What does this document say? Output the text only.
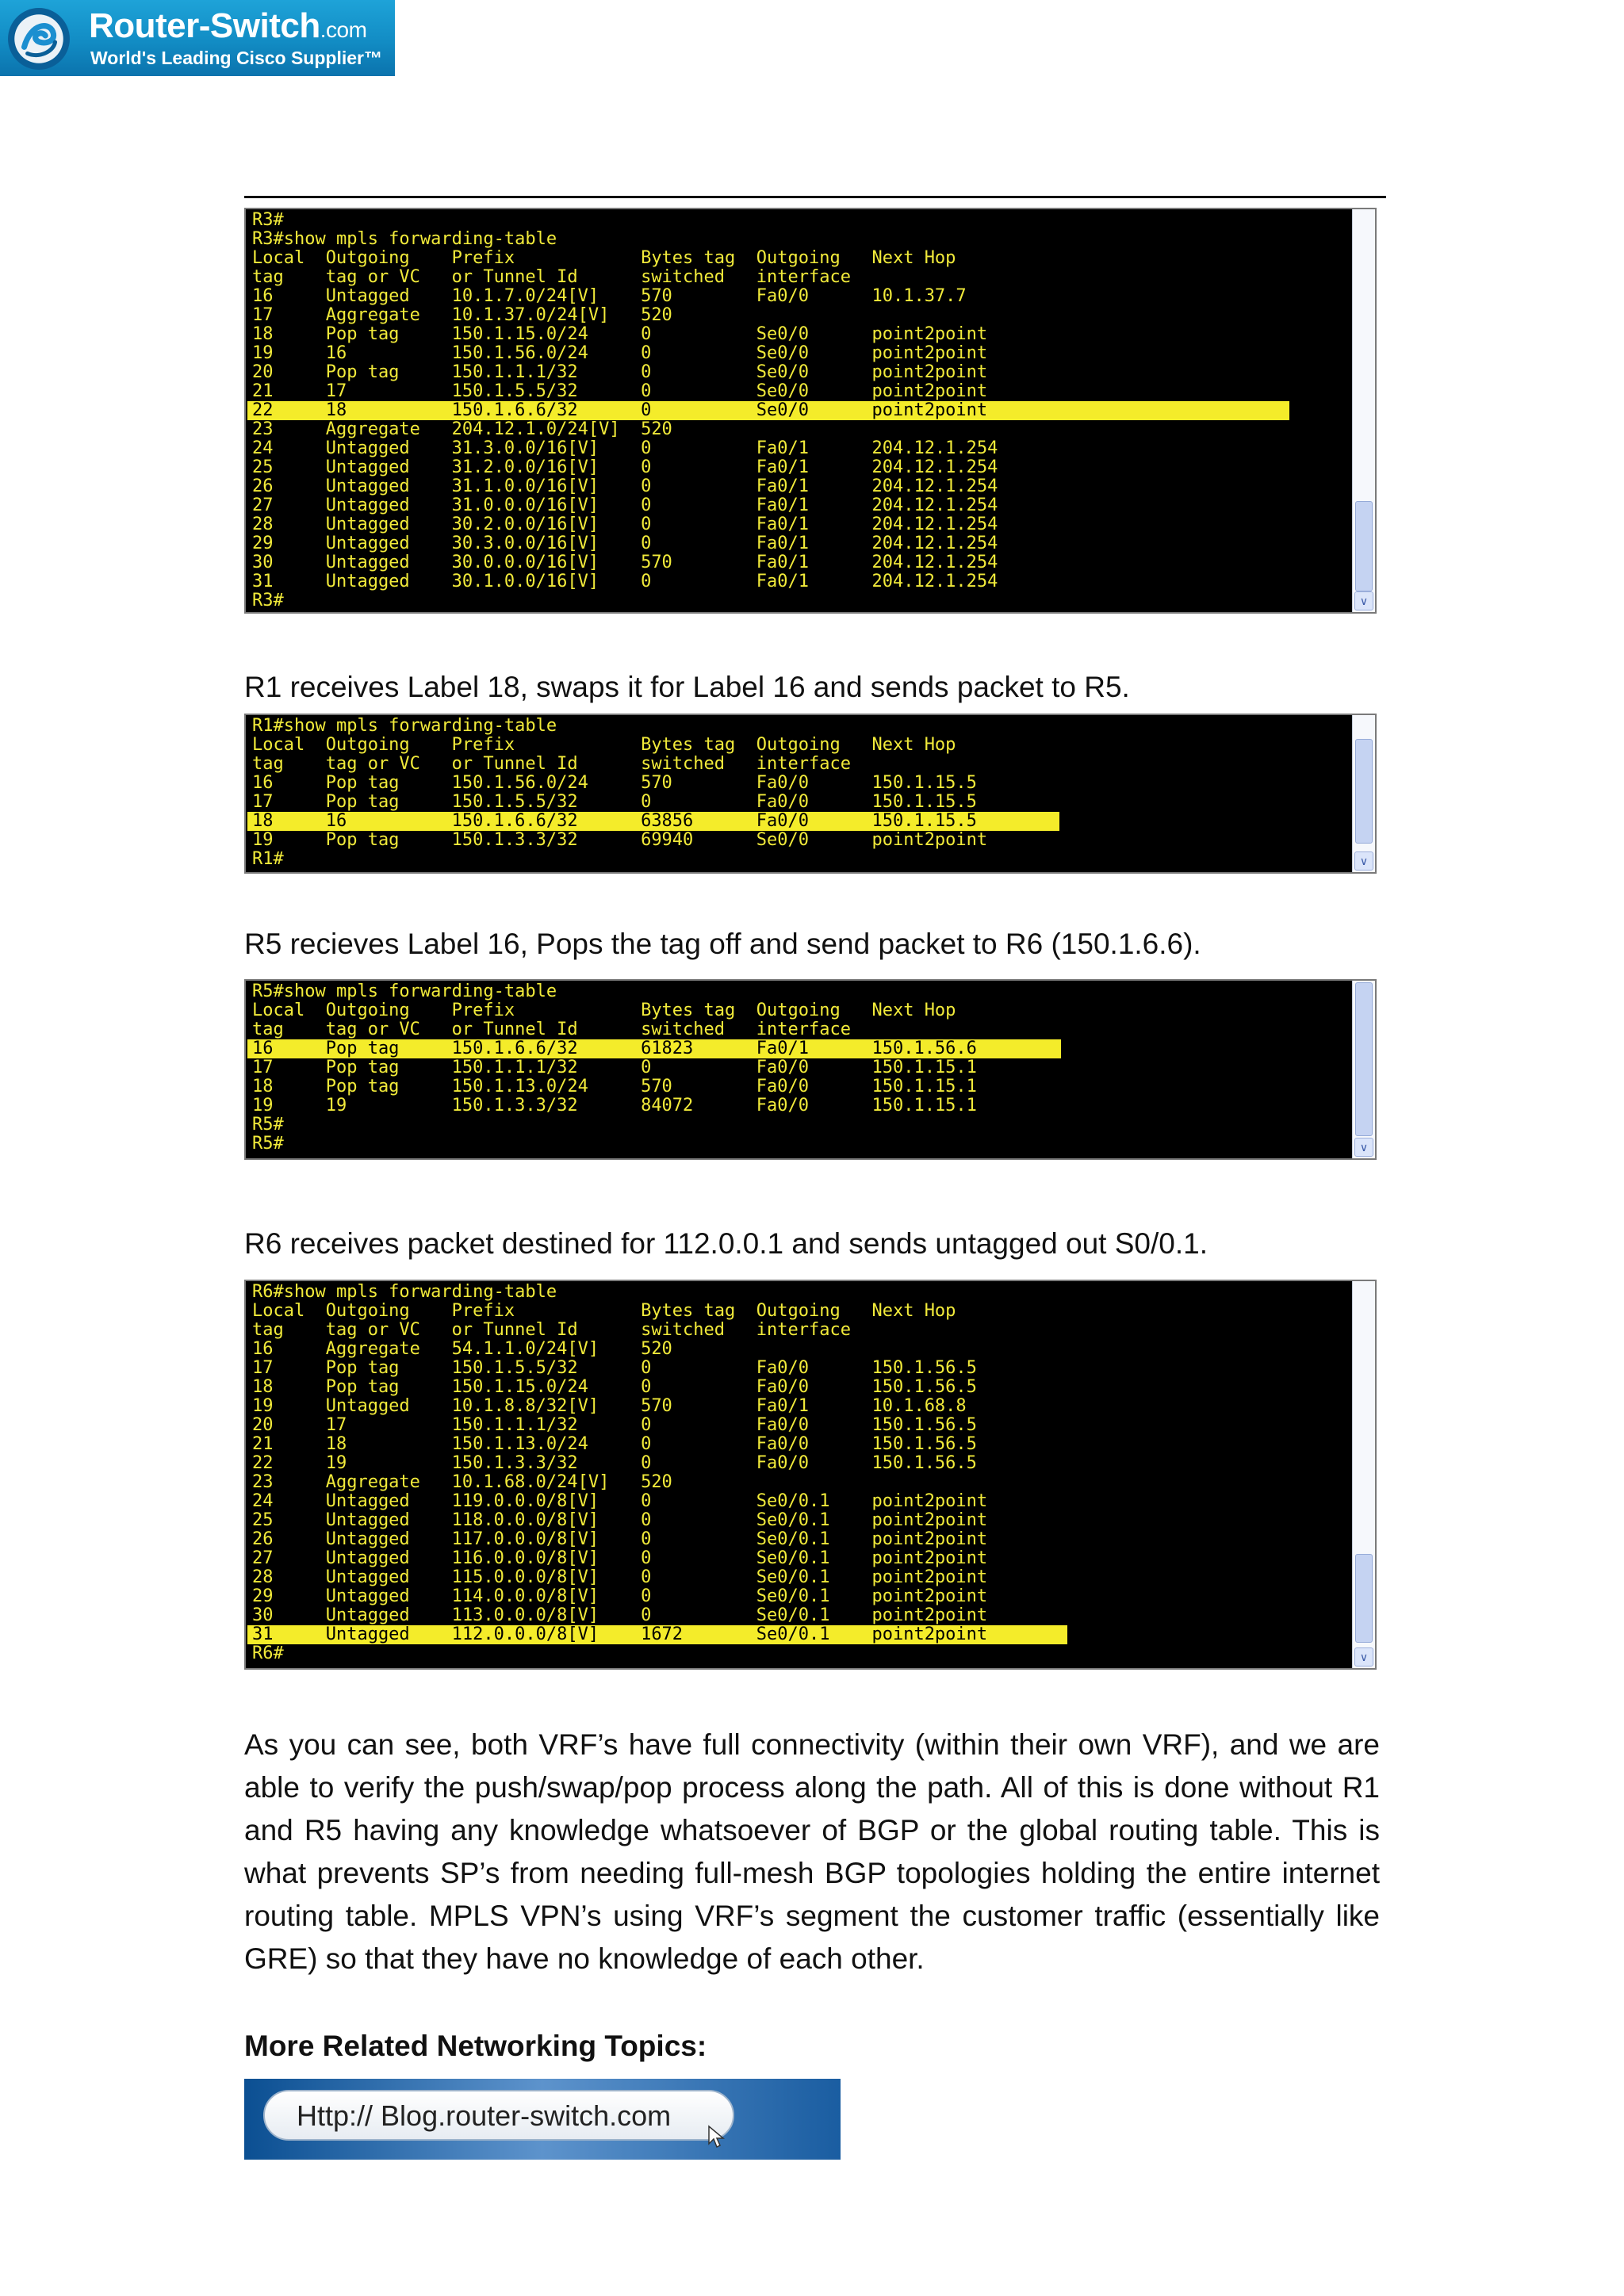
Router-Switch.com
World's Leading Cisco Supplier™
R3#
R3#show mpls forwarding-table
Local  Outgoing    Prefix            Bytes tag  Outgoing   Next Hop
tag    tag or VC   or Tunnel Id      switched   interface
16     Untagged    10.1.7.0/24[V]    570        Fa0/0      10.1.37.7
17     Aggregate   10.1.37.0/24[V]   520
18     Pop tag     150.1.15.0/24     0          Se0/0      point2point
19     16          150.1.56.0/24     0          Se0/0      point2point
20     Pop tag     150.1.1.1/32      0          Se0/0      point2point
21     17          150.1.5.5/32      0          Se0/0      point2point
22     18          150.1.6.6/32      0          Se0/0      point2point
23     Aggregate   204.12.1.0/24[V]  520
24     Untagged    31.3.0.0/16[V]    0          Fa0/1      204.12.1.254
25     Untagged    31.2.0.0/16[V]    0          Fa0/1      204.12.1.254
26     Untagged    31.1.0.0/16[V]    0          Fa0/1      204.12.1.254
27     Untagged    31.0.0.0/16[V]    0          Fa0/1      204.12.1.254
28     Untagged    30.2.0.0/16[V]    0          Fa0/1      204.12.1.254
29     Untagged    30.3.0.0/16[V]    0          Fa0/1      204.12.1.254
30     Untagged    30.0.0.0/16[V]    570        Fa0/1      204.12.1.254
31     Untagged    30.1.0.0/16[V]    0          Fa0/1      204.12.1.254
R3#	∨
R1 receives Label 18, swaps it for Label 16 and sends packet to R5.
R1#show mpls forwarding-table
Local  Outgoing    Prefix            Bytes tag  Outgoing   Next Hop
tag    tag or VC   or Tunnel Id      switched   interface
16     Pop tag     150.1.56.0/24     570        Fa0/0      150.1.15.5
17     Pop tag     150.1.5.5/32      0          Fa0/0      150.1.15.5
18     16          150.1.6.6/32      63856      Fa0/0      150.1.15.5
19     Pop tag     150.1.3.3/32      69940      Se0/0      point2point
R1#	∨
R5 recieves Label 16, Pops the tag off and send packet to R6 (150.1.6.6).
R5#show mpls forwarding-table
Local  Outgoing    Prefix            Bytes tag  Outgoing   Next Hop
tag    tag or VC   or Tunnel Id      switched   interface
16     Pop tag     150.1.6.6/32      61823      Fa0/1      150.1.56.6
17     Pop tag     150.1.1.1/32      0          Fa0/0      150.1.15.1
18     Pop tag     150.1.13.0/24     570        Fa0/0      150.1.15.1
19     19          150.1.3.3/32      84072      Fa0/0      150.1.15.1
R5#
R5#	∨
R6 receives packet destined for 112.0.0.1 and sends untagged out S0/0.1.
R6#show mpls forwarding-table
Local  Outgoing    Prefix            Bytes tag  Outgoing   Next Hop
tag    tag or VC   or Tunnel Id      switched   interface
16     Aggregate   54.1.1.0/24[V]    520
17     Pop tag     150.1.5.5/32      0          Fa0/0      150.1.56.5
18     Pop tag     150.1.15.0/24     0          Fa0/0      150.1.56.5
19     Untagged    10.1.8.8/32[V]    570        Fa0/1      10.1.68.8
20     17          150.1.1.1/32      0          Fa0/0      150.1.56.5
21     18          150.1.13.0/24     0          Fa0/0      150.1.56.5
22     19          150.1.3.3/32      0          Fa0/0      150.1.56.5
23     Aggregate   10.1.68.0/24[V]   520
24     Untagged    119.0.0.0/8[V]    0          Se0/0.1    point2point
25     Untagged    118.0.0.0/8[V]    0          Se0/0.1    point2point
26     Untagged    117.0.0.0/8[V]    0          Se0/0.1    point2point
27     Untagged    116.0.0.0/8[V]    0          Se0/0.1    point2point
28     Untagged    115.0.0.0/8[V]    0          Se0/0.1    point2point
29     Untagged    114.0.0.0/8[V]    0          Se0/0.1    point2point
30     Untagged    113.0.0.0/8[V]    0          Se0/0.1    point2point
31     Untagged    112.0.0.0/8[V]    1672       Se0/0.1    point2point
R6#	∨
As you can see, both VRF’s have full connectivity (within their own VRF), and we are able to verify the push/swap/pop process along the path. All of this is done without R1 and R5 having any knowledge whatsoever of BGP or the global routing table. This is what prevents SP’s from needing full-mesh BGP topologies holding the entire internet routing table. MPLS VPN’s using VRF’s segment the customer traffic (essentially like GRE) so that they have no knowledge of each other.
More Related Networking Topics:
Http:// Blog.router-switch.com
